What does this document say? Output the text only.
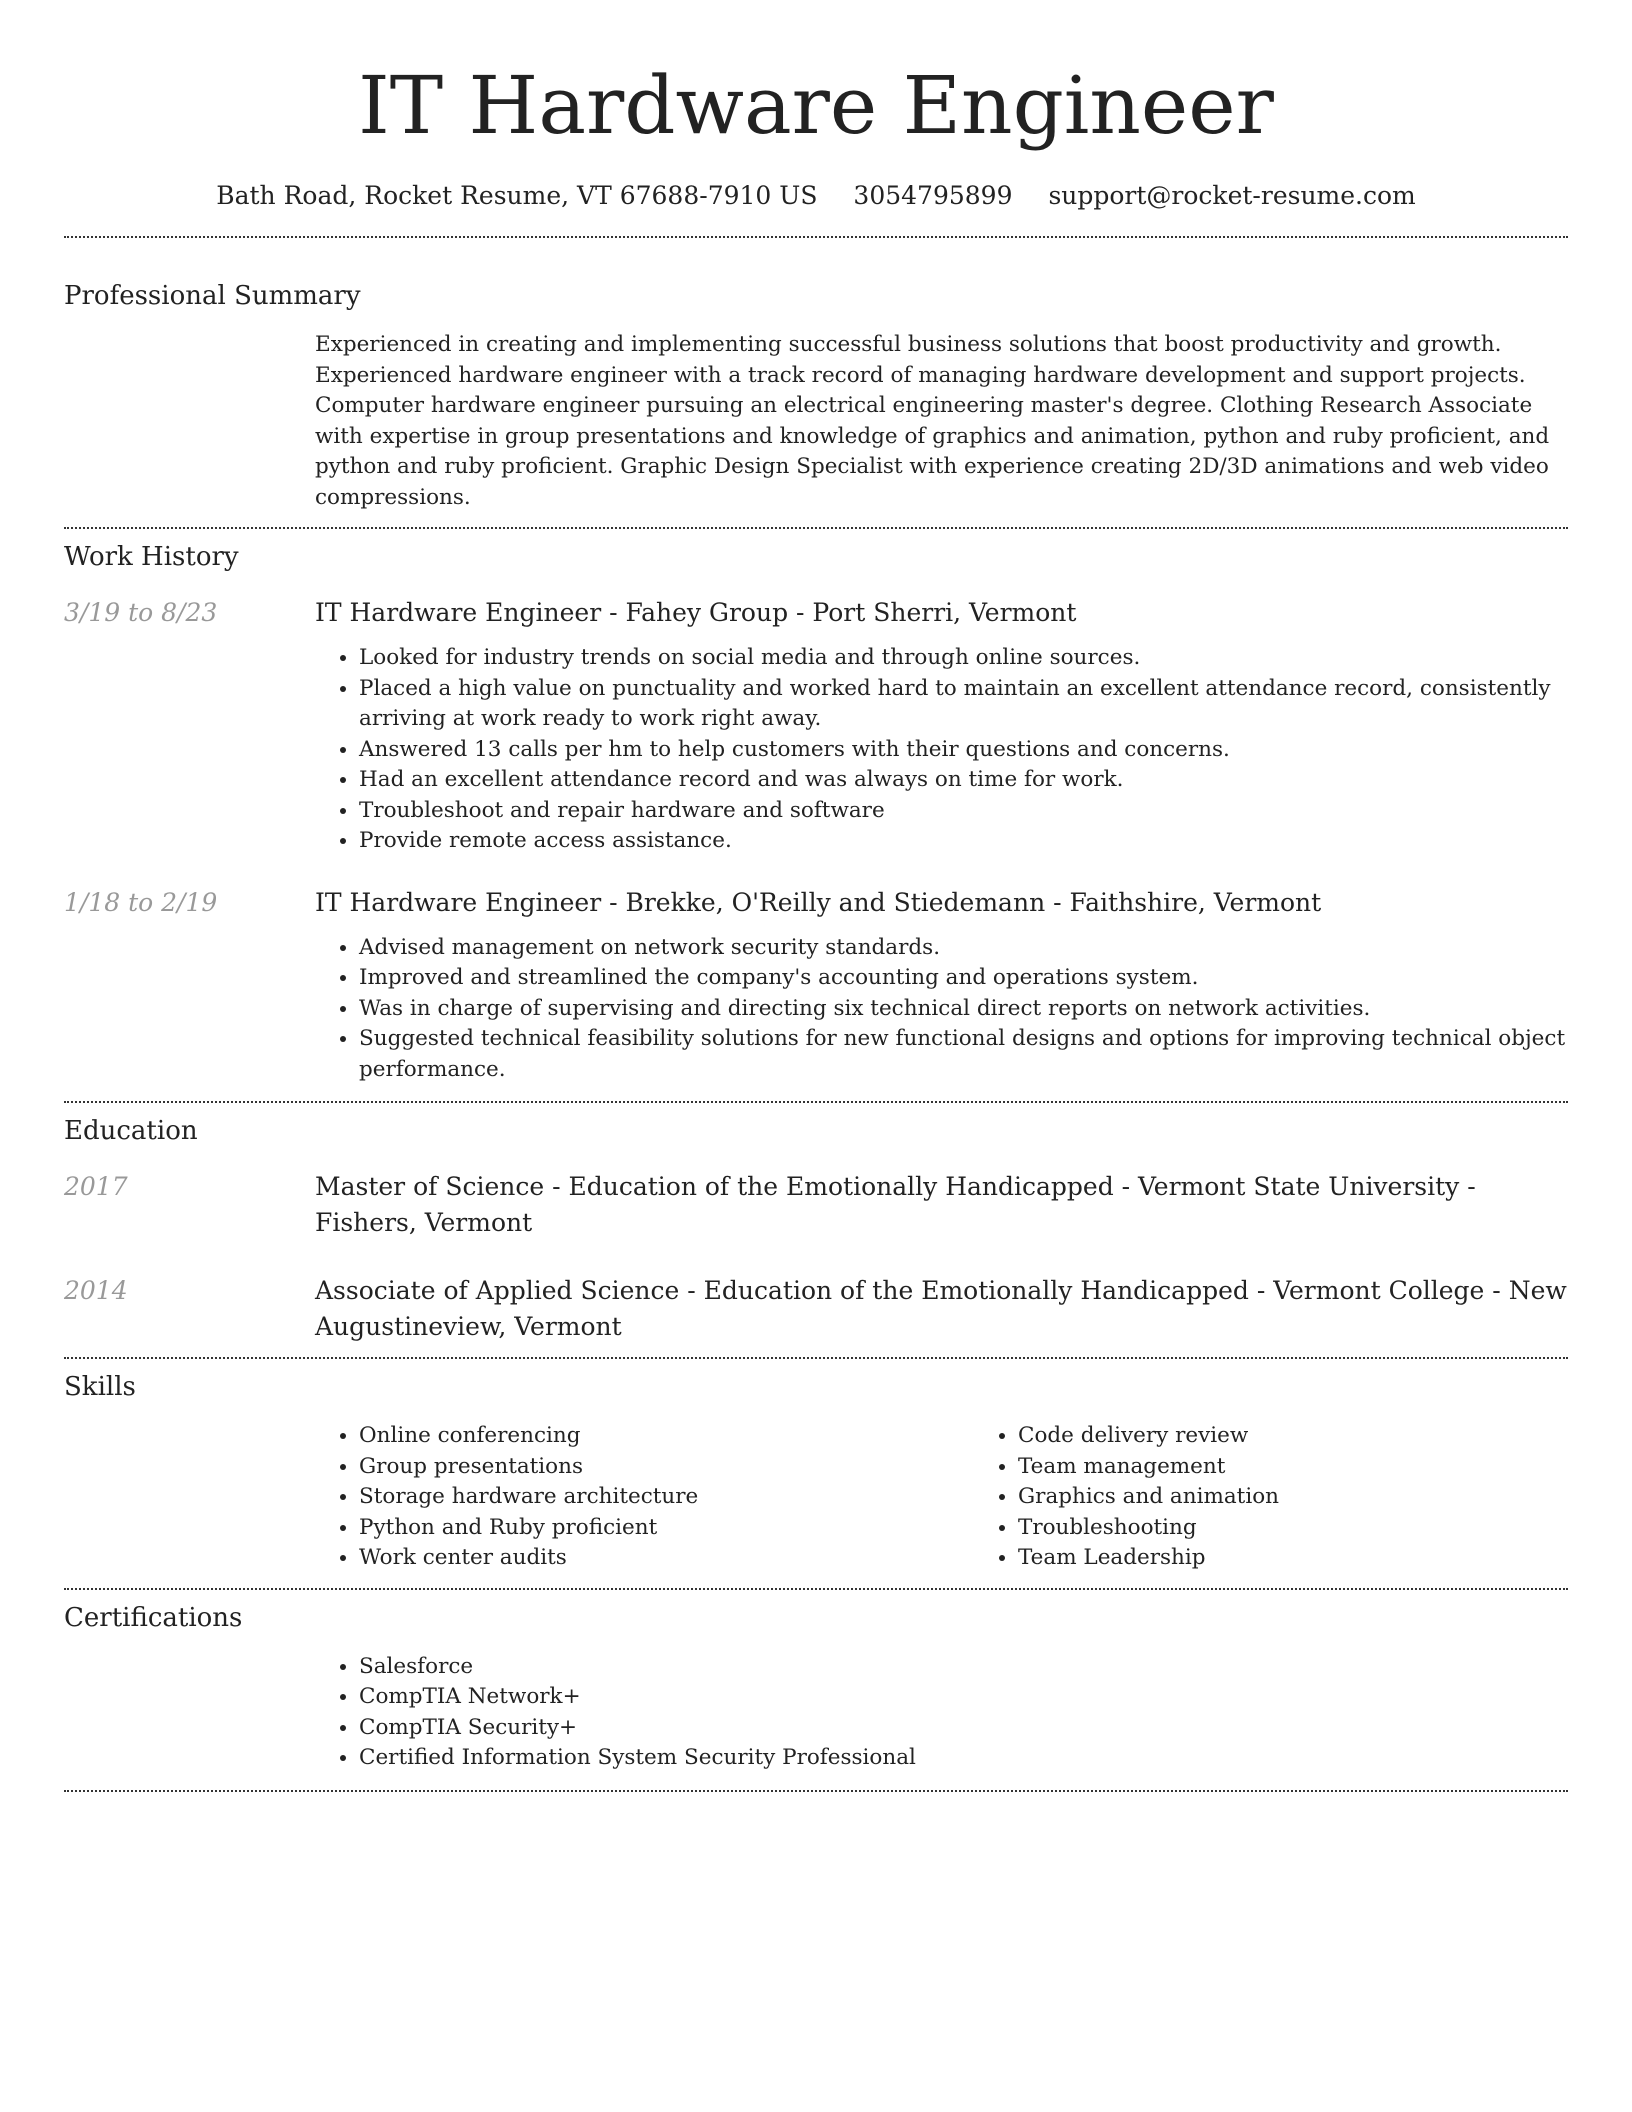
IT Hardware Engineer
Bath Road, Rocket Resume, VT 67688-7910 US 3054795899 support@rocket-resume.com
Professional Summary

Experienced in creating and implementing successful business solutions that boost productivity and growth. Experienced hardware engineer with a track record of managing hardware development and support projects. Computer hardware engineer pursuing an electrical engineering master's degree. Clothing Research Associate with expertise in group presentations and knowledge of graphics and animation, python and ruby proficient, and python and ruby proficient. Graphic Design Specialist with experience creating 2D/3D animations and web video compressions.

Work History
3/19 to 8/23	IT Hardware Engineer - Fahey Group - Port Sherri, Vermont
• Looked for industry trends on social media and through online sources.
• Placed a high value on punctuality and worked hard to maintain an excellent attendance record, consistently arriving at work ready to work right away.
• Answered 13 calls per hm to help customers with their questions and concerns.
• Had an excellent attendance record and was always on time for work.
• Troubleshoot and repair hardware and software
• Provide remote access assistance.
1/18 to 2/19	IT Hardware Engineer - Brekke, O'Reilly and Stiedemann - Faithshire, Vermont
• Advised management on network security standards.
• Improved and streamlined the company's accounting and operations system.
• Was in charge of supervising and directing six technical direct reports on network activities.
• Suggested technical feasibility solutions for new functional designs and options for improving technical object performance.
Education
2017	Master of Science - Education of the Emotionally Handicapped - Vermont State University - Fishers, Vermont
2014	Associate of Applied Science - Education of the Emotionally Handicapped - Vermont College - New Augustineview, Vermont
Skills
• Online conferencing
• Group presentations
• Storage hardware architecture
• Python and Ruby proficient
• Work center audits
• Code delivery review
• Team management
• Graphics and animation
• Troubleshooting
• Team Leadership
Certifications
• Salesforce
• CompTIA Network+
• CompTIA Security+
• Certified Information System Security Professional
